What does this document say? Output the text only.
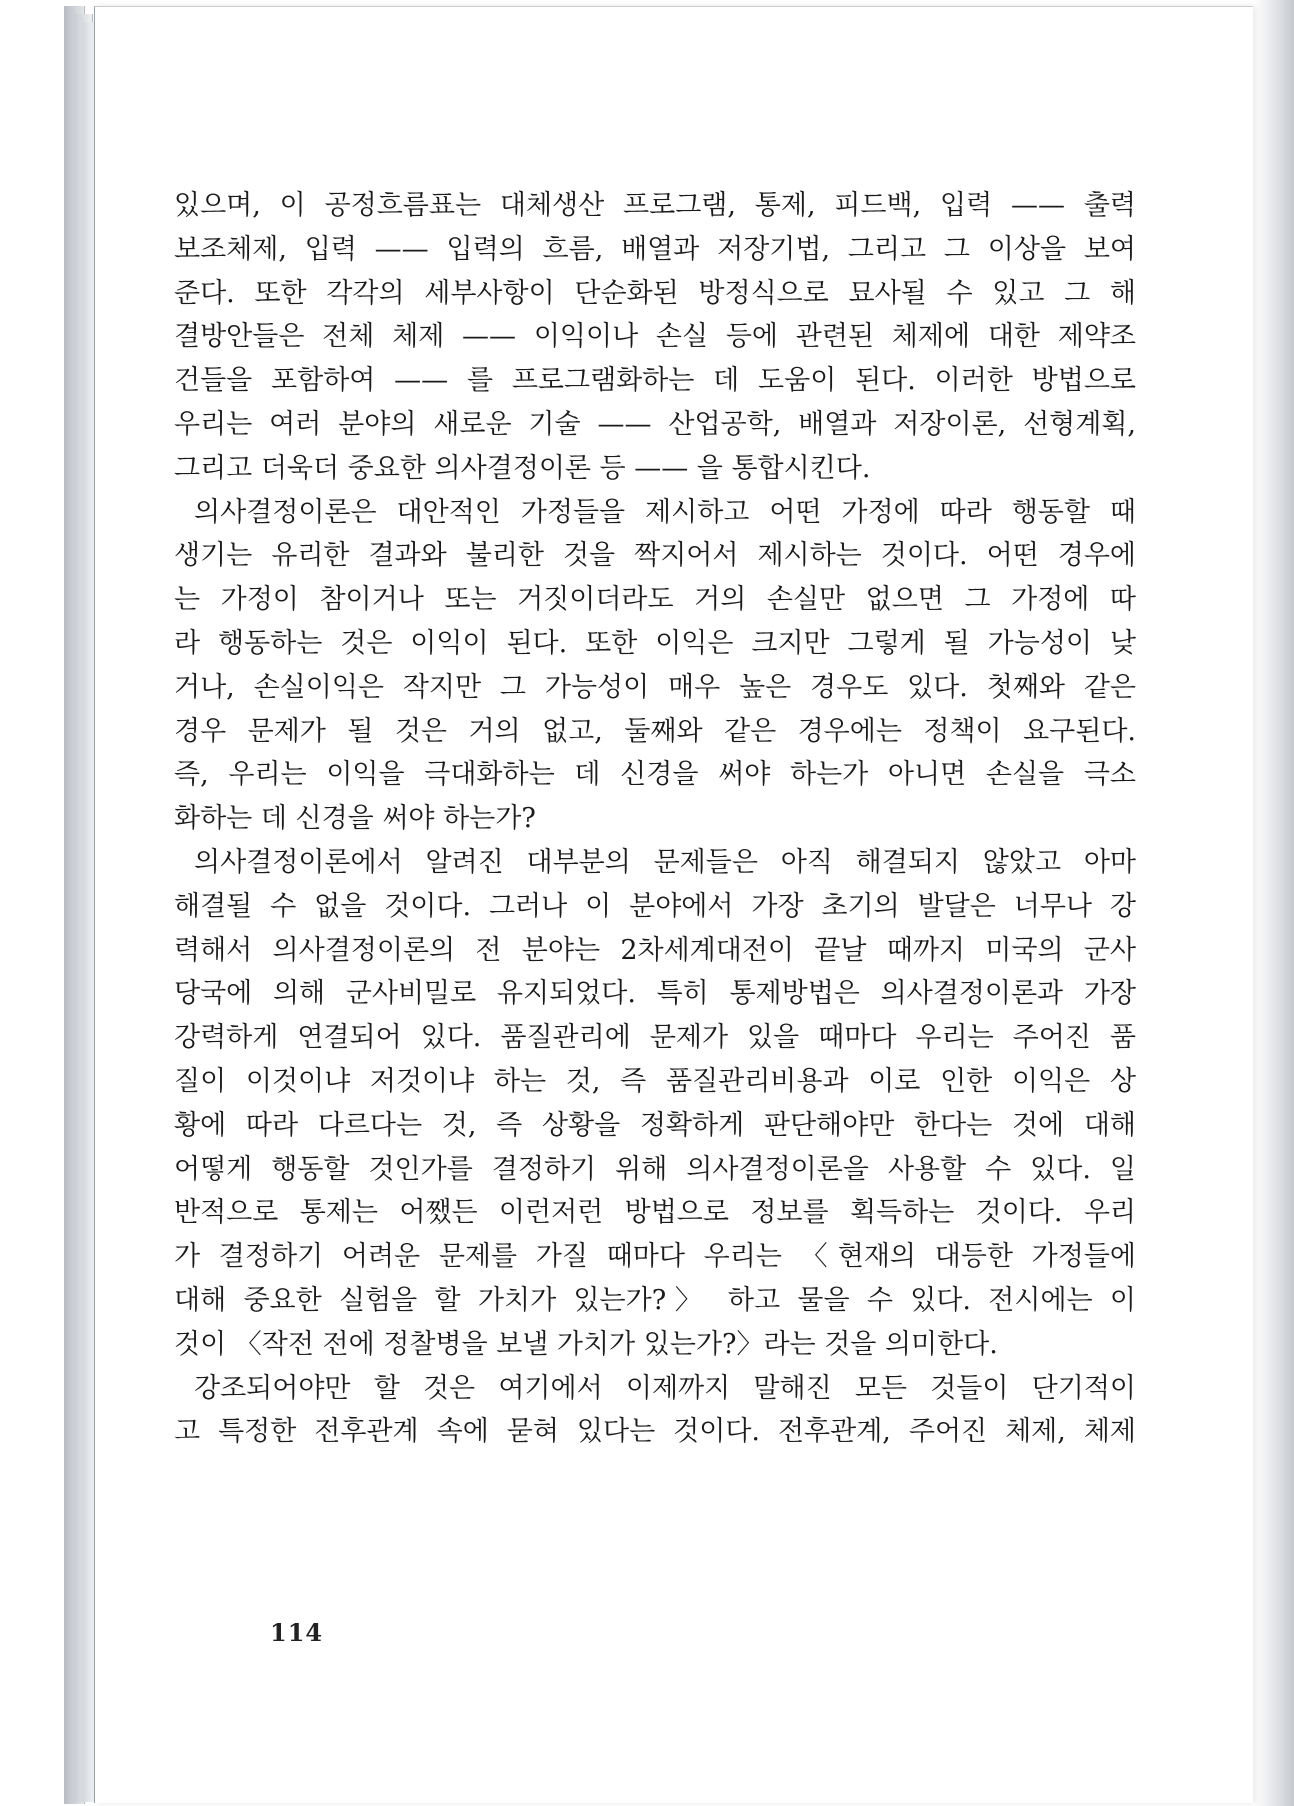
있으며, 이 공정흐름표는 대체생산 프로그램, 통제, 피드백, 입력 —— 출력
보조체제, 입력 —— 입력의 흐름, 배열과 저장기법, 그리고 그 이상을 보여
준다. 또한 각각의 세부사항이 단순화된 방정식으로 묘사될 수 있고 그 해
결방안들은 전체 체제 —— 이익이나 손실 등에 관련된 체제에 대한 제약조
건들을 포함하여 —— 를 프로그램화하는 데 도움이 된다. 이러한 방법으로
우리는 여러 분야의 새로운 기술 —— 산업공학, 배열과 저장이론, 선형계획,
그리고 더욱더 중요한 의사결정이론 등 —— 을 통합시킨다.
의사결정이론은 대안적인 가정들을 제시하고 어떤 가정에 따라 행동할 때
생기는 유리한 결과와 불리한 것을 짝지어서 제시하는 것이다. 어떤 경우에
는 가정이 참이거나 또는 거짓이더라도 거의 손실만 없으면 그 가정에 따
라 행동하는 것은 이익이 된다. 또한 이익은 크지만 그렇게 될 가능성이 낮
거나, 손실이익은 작지만 그 가능성이 매우 높은 경우도 있다. 첫째와 같은
경우 문제가 될 것은 거의 없고, 둘째와 같은 경우에는 정책이 요구된다.
즉, 우리는 이익을 극대화하는 데 신경을 써야 하는가 아니면 손실을 극소
화하는 데 신경을 써야 하는가?
의사결정이론에서 알려진 대부분의 문제들은 아직 해결되지 않았고 아마
해결될 수 없을 것이다. 그러나 이 분야에서 가장 초기의 발달은 너무나 강
력해서 의사결정이론의 전 분야는 2차세계대전이 끝날 때까지 미국의 군사
당국에 의해 군사비밀로 유지되었다. 특히 통제방법은 의사결정이론과 가장
강력하게 연결되어 있다. 품질관리에 문제가 있을 때마다 우리는 주어진 품
질이 이것이냐 저것이냐 하는 것, 즉 품질관리비용과 이로 인한 이익은 상
황에 따라 다르다는 것, 즉 상황을 정확하게 판단해야만 한다는 것에 대해
어떻게 행동할 것인가를 결정하기 위해 의사결정이론을 사용할 수 있다. 일
반적으로 통제는 어쨌든 이런저런 방법으로 정보를 획득하는 것이다. 우리
가 결정하기 어려운 문제를 가질 때마다 우리는 〈현재의 대등한 가정들에
대해 중요한 실험을 할 가치가 있는가?〉 하고 물을 수 있다. 전시에는 이
것이 〈작전 전에 정찰병을 보낼 가치가 있는가?〉라는 것을 의미한다.
강조되어야만 할 것은 여기에서 이제까지 말해진 모든 것들이 단기적이
고 특정한 전후관계 속에 묻혀 있다는 것이다. 전후관계, 주어진 체제, 체제
114
